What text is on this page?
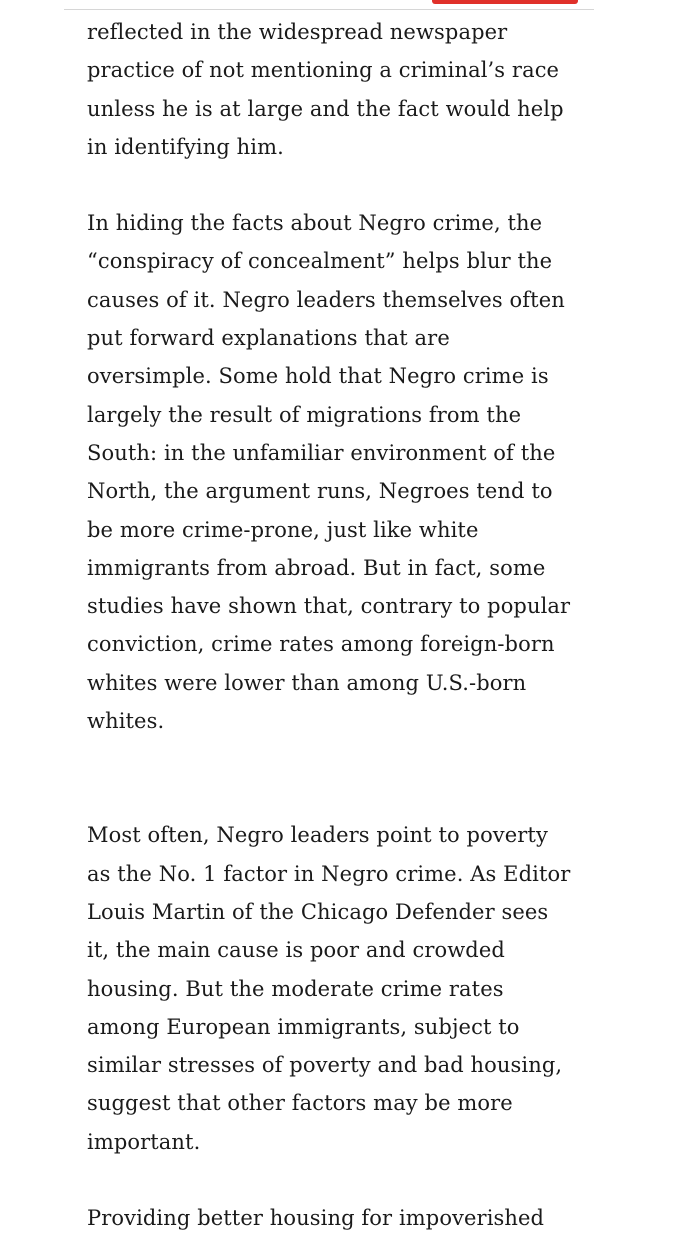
reflected in the widespread newspaper
practice of not mentioning a criminal’s race
unless he is at large and the fact would help
in identifying him.

In hiding the facts about Negro crime, the
“conspiracy of concealment” helps blur the
causes of it. Negro leaders themselves often
put forward explanations that are
oversimple. Some hold that Negro crime is
largely the result of migrations from the
South: in the unfamiliar environment of the
North, the argument runs, Negroes tend to
be more crime-prone, just like white
immigrants from abroad. But in fact, some
studies have shown that, contrary to popular
conviction, crime rates among foreign-born
whites were lower than among U.S.-born
whites.

Most often, Negro leaders point to poverty
as the No. 1 factor in Negro crime. As Editor
Louis Martin of the Chicago Defender sees
it, the main cause is poor and crowded
housing. But the moderate crime rates
among European immigrants, subject to
similar stresses of poverty and bad housing,
suggest that other factors may be more
important.

Providing better housing for impoverished
